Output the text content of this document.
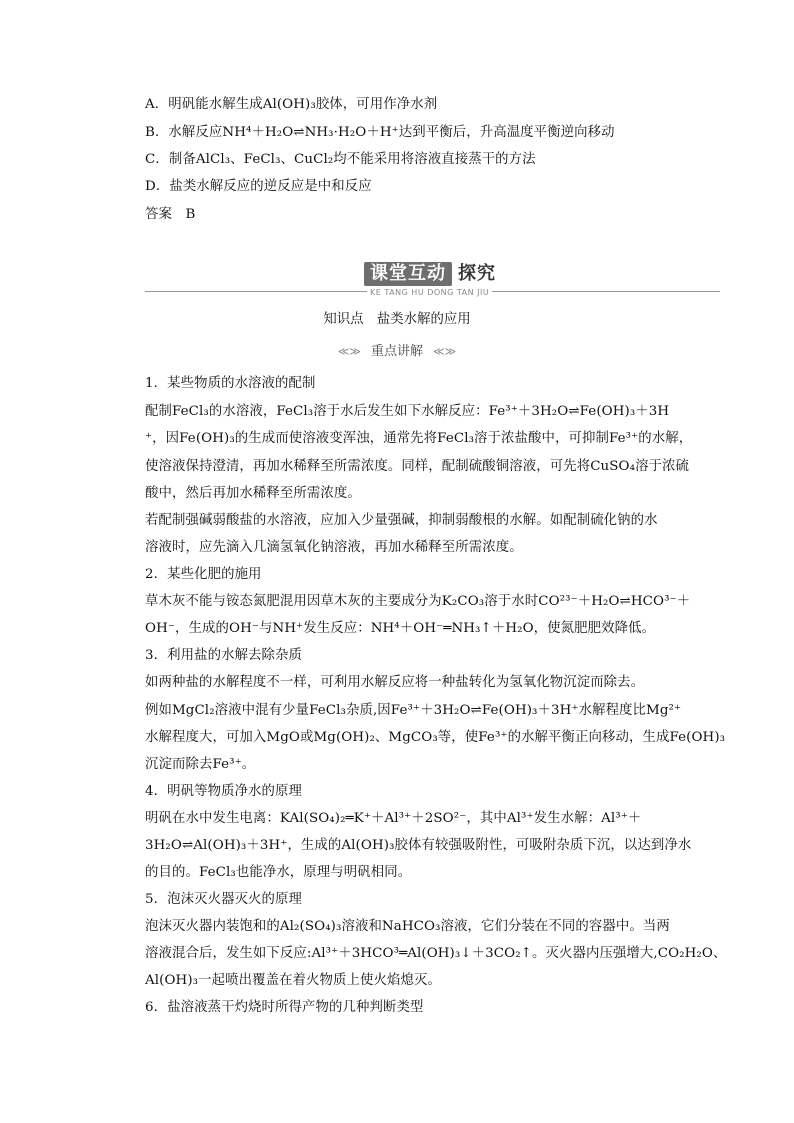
A．明矾能水解生成Al(OH)₃胶体，可用作净水剂
B．水解反应NH⁴＋H₂O⇌NH₃·H₂O＋H⁺达到平衡后，升高温度平衡逆向移动
C．制备AlCl₃、FeCl₃、CuCl₂均不能采用将溶液直接蒸干的方法
D．盐类水解反应的逆反应是中和反应
答案　B
课堂互动 探究
KE TANG HU DONG TAN JIU
知识点　盐类水解的应用
≪≫ 重点讲解 ≪≫
1．某些物质的水溶液的配制
配制FeCl₃的水溶液，FeCl₃溶于水后发生如下水解反应：Fe³⁺＋3H₂O⇌Fe(OH)₃＋3H
⁺，因Fe(OH)₃的生成而使溶液变浑浊，通常先将FeCl₃溶于浓盐酸中，可抑制Fe³⁺的水解，
使溶液保持澄清，再加水稀释至所需浓度。同样，配制硫酸铜溶液，可先将CuSO₄溶于浓硫
酸中，然后再加水稀释至所需浓度。
若配制强碱弱酸盐的水溶液，应加入少量强碱，抑制弱酸根的水解。如配制硫化钠的水
溶液时，应先滴入几滴氢氧化钠溶液，再加水稀释至所需浓度。
2．某些化肥的施用
草木灰不能与铵态氮肥混用因草木灰的主要成分为K₂CO₃溶于水时CO²³⁻＋H₂O⇌HCO³⁻＋
OH⁻，生成的OH⁻与NH⁺发生反应：NH⁴＋OH⁻═NH₃↑＋H₂O，使氮肥肥效降低。
3．利用盐的水解去除杂质
如两种盐的水解程度不一样，可利用水解反应将一种盐转化为氢氧化物沉淀而除去。
例如MgCl₂溶液中混有少量FeCl₃杂质,因Fe³⁺＋3H₂O⇌Fe(OH)₃＋3H⁺水解程度比Mg²⁺
水解程度大，可加入MgO或Mg(OH)₂、MgCO₃等，使Fe³⁺的水解平衡正向移动，生成Fe(OH)₃
沉淀而除去Fe³⁺。
4．明矾等物质净水的原理
明矾在水中发生电离：KAl(SO₄)₂═K⁺＋Al³⁺＋2SO²⁻，其中Al³⁺发生水解：Al³⁺＋
3H₂O⇌Al(OH)₃＋3H⁺，生成的Al(OH)₃胶体有较强吸附性，可吸附杂质下沉，以达到净水
的目的。FeCl₃也能净水，原理与明矾相同。
5．泡沫灭火器灭火的原理
泡沫灭火器内装饱和的Al₂(SO₄)₃溶液和NaHCO₃溶液，它们分装在不同的容器中。当两
溶液混合后，发生如下反应:Al³⁺＋3HCO³═Al(OH)₃↓＋3CO₂↑。灭火器内压强增大,CO₂H₂O、
Al(OH)₃一起喷出覆盖在着火物质上使火焰熄灭。
6．盐溶液蒸干灼烧时所得产物的几种判断类型
